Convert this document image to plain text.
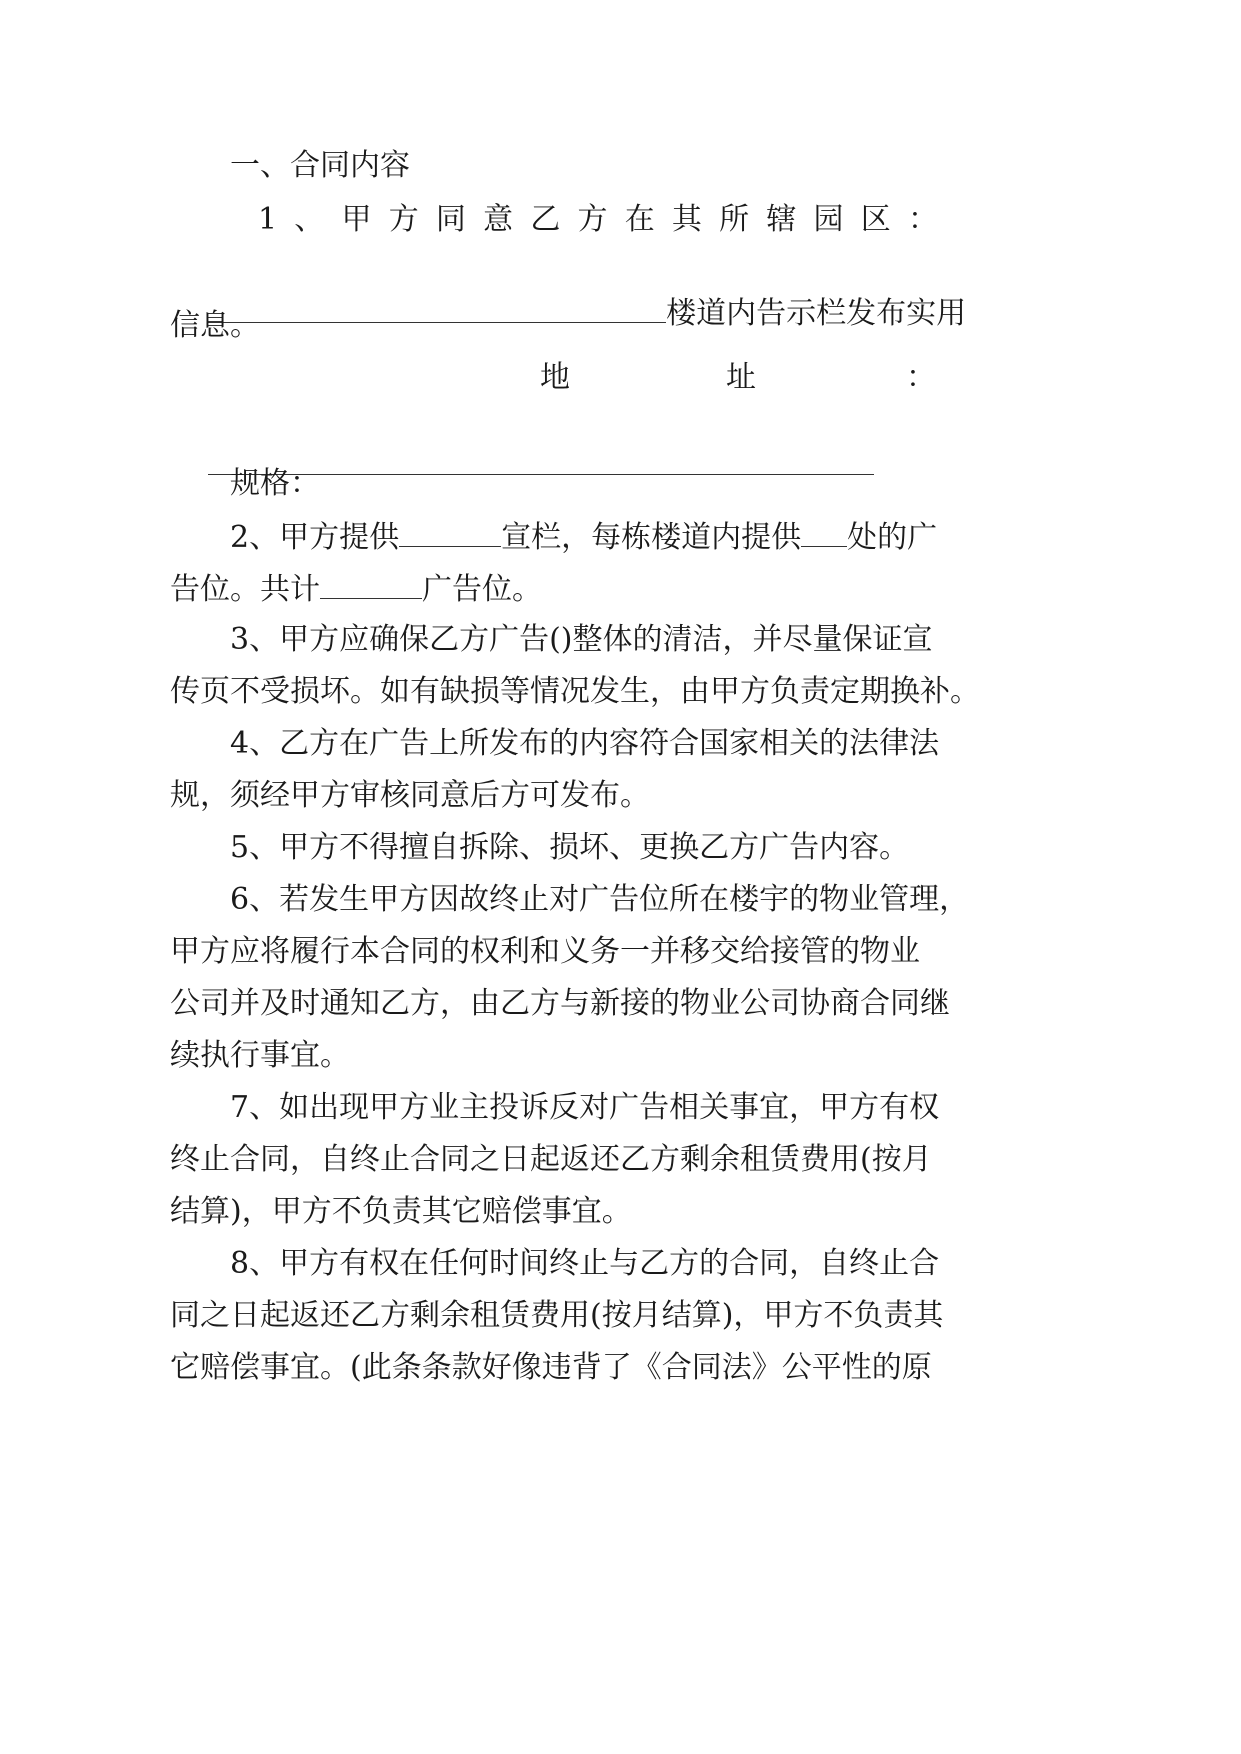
一、合同内容
1 、 甲 方 同 意 乙 方 在 其 所 辖 园 区 ：

楼道内告示栏发布实用

信息。
地	址	：

规格：
2、甲方提供	宣栏，每栋楼道内提供 处的广
告位。共计	广告位。
3、甲方应确保乙方广告()整体的清洁，并尽量保证宣
传页不受损坏。如有缺损等情况发生，由甲方负责定期换补。
4、乙方在广告上所发布的内容符合国家相关的法律法
规，须经甲方审核同意后方可发布。
5、甲方不得擅自拆除、损坏、更换乙方广告内容。
6、若发生甲方因故终止对广告位所在楼宇的物业管理，
甲方应将履行本合同的权利和义务一并移交给接管的物业
公司并及时通知乙方，由乙方与新接的物业公司协商合同继
续执行事宜。
7、如出现甲方业主投诉反对广告相关事宜，甲方有权
终止合同，自终止合同之日起返还乙方剩余租赁费用(按月
结算)，甲方不负责其它赔偿事宜。
8、甲方有权在任何时间终止与乙方的合同，自终止合
同之日起返还乙方剩余租赁费用(按月结算)，甲方不负责其
它赔偿事宜。(此条条款好像违背了《合同法》公平性的原
